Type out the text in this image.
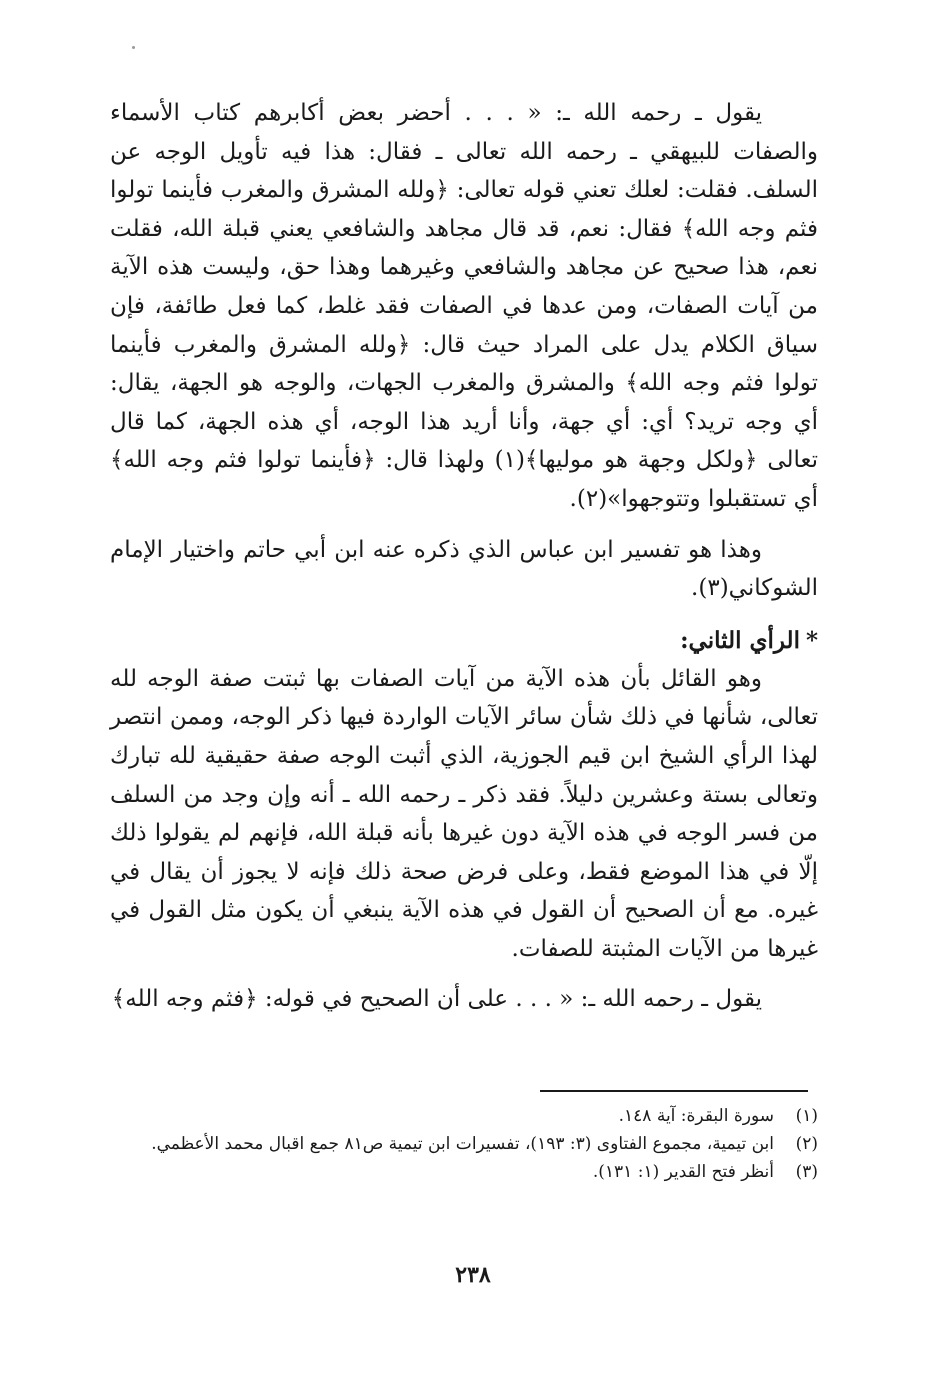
يقول ـ رحمه الله ـ: « . . . أحضر بعض أكابرهم كتاب الأسماء والصفات للبيهقي ـ رحمه الله تعالى ـ فقال: هذا فيه تأويل الوجه عن السلف. فقلت: لعلك تعني قوله تعالى: ﴿ولله المشرق والمغرب فأينما تولوا فثم وجه الله﴾ فقال: نعم، قد قال مجاهد والشافعي يعني قبلة الله، فقلت نعم، هذا صحيح عن مجاهد والشافعي وغيرهما وهذا حق، وليست هذه الآية من آيات الصفات، ومن عدها في الصفات فقد غلط، كما فعل طائفة، فإن سياق الكلام يدل على المراد حيث قال: ﴿ولله المشرق والمغرب فأينما تولوا فثم وجه الله﴾ والمشرق والمغرب الجهات، والوجه هو الجهة، يقال: أي وجه تريد؟ أي: أي جهة، وأنا أريد هذا الوجه، أي هذه الجهة، كما قال تعالى ﴿ولكل وجهة هو موليها﴾(١) ولهذا قال: ﴿فأينما تولوا فثم وجه الله﴾ أي تستقبلوا وتتوجهوا»(٢).

وهذا هو تفسير ابن عباس الذي ذكره عنه ابن أبي حاتم واختيار الإمام الشوكاني(٣).

*الرأي الثاني:

وهو القائل بأن هذه الآية من آيات الصفات بها ثبتت صفة الوجه لله تعالى، شأنها في ذلك شأن سائر الآيات الواردة فيها ذكر الوجه، وممن انتصر لهذا الرأي الشيخ ابن قيم الجوزية، الذي أثبت الوجه صفة حقيقية لله تبارك وتعالى بستة وعشرين دليلاً. فقد ذكر ـ رحمه الله ـ أنه وإن وجد من السلف من فسر الوجه في هذه الآية دون غيرها بأنه قبلة الله، فإنهم لم يقولوا ذلك إلّا في هذا الموضع فقط، وعلى فرض صحة ذلك فإنه لا يجوز أن يقال في غيره. مع أن الصحيح أن القول في هذه الآية ينبغي أن يكون مثل القول في غيرها من الآيات المثبتة للصفات.

يقول ـ رحمه الله ـ: « . . . على أن الصحيح في قوله: ﴿فثم وجه الله﴾

(١)
سورة البقرة: آية ١٤٨.
(٢)
ابن تيمية، مجموع الفتاوى (٣: ١٩٣)، تفسيرات ابن تيمية ص٨١ جمع اقبال محمد الأعظمي.
(٣)
أنظر فتح القدير (١: ١٣١).
٢٣٨
